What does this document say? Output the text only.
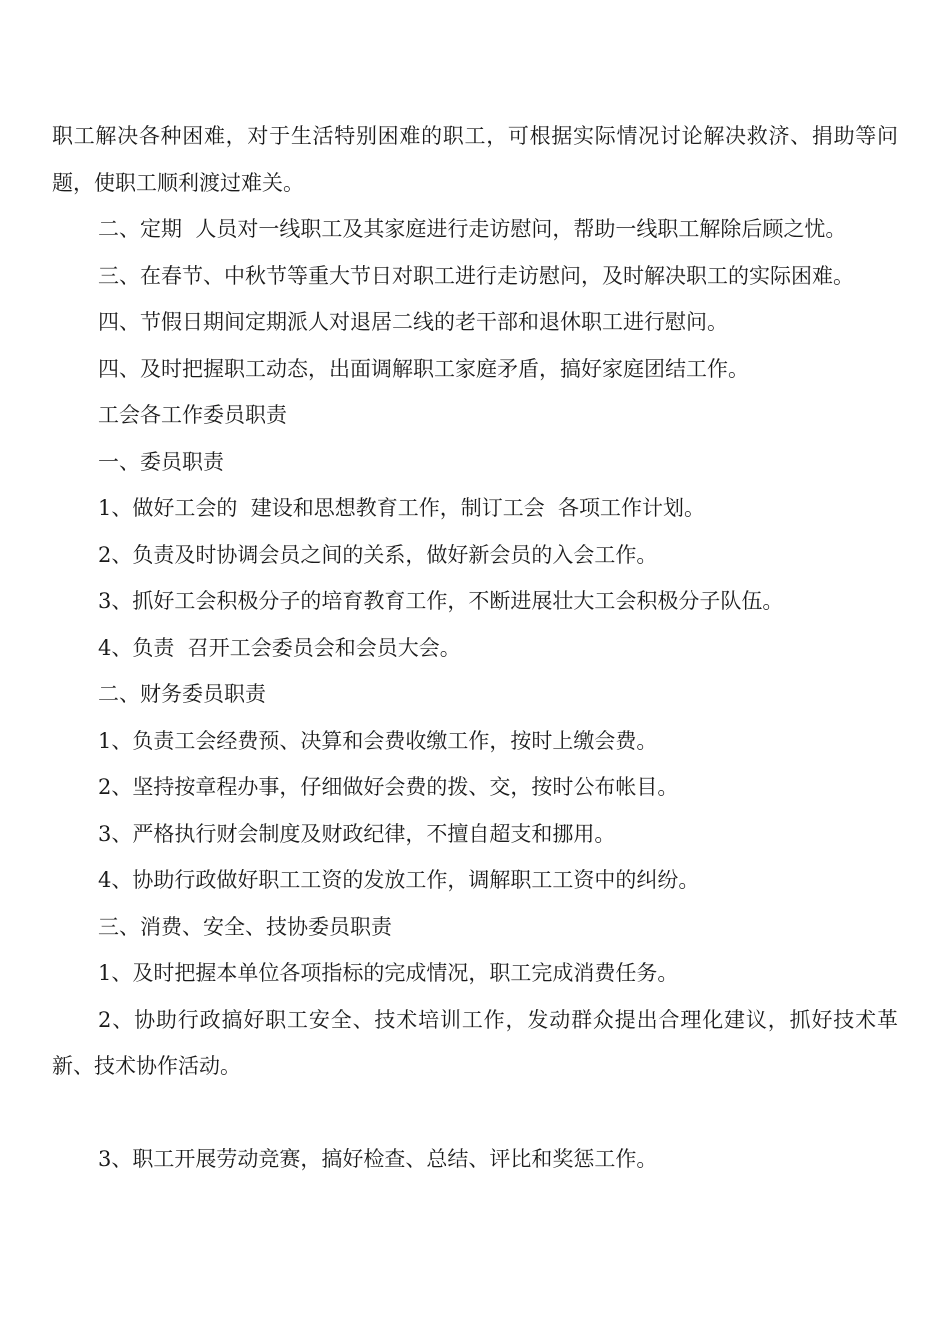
职工解决各种困难，对于生活特别困难的职工，可根据实际情况讨论解决救济、捐助等问题，使职工顺利渡过难关。

二、定期  人员对一线职工及其家庭进行走访慰问，帮助一线职工解除后顾之忧。

三、在春节、中秋节等重大节日对职工进行走访慰问，及时解决职工的实际困难。

四、节假日期间定期派人对退居二线的老干部和退休职工进行慰问。

四、及时把握职工动态，出面调解职工家庭矛盾，搞好家庭团结工作。

工会各工作委员职责

一、委员职责

1、做好工会的  建设和思想教育工作，制订工会  各项工作计划。

2、负责及时协调会员之间的关系，做好新会员的入会工作。

3、抓好工会积极分子的培育教育工作，不断进展壮大工会积极分子队伍。

4、负责  召开工会委员会和会员大会。

二、财务委员职责

1、负责工会经费预、决算和会费收缴工作，按时上缴会费。

2、坚持按章程办事，仔细做好会费的拨、交，按时公布帐目。

3、严格执行财会制度及财政纪律，不擅自超支和挪用。

4、协助行政做好职工工资的发放工作，调解职工工资中的纠纷。

三、消费、安全、技协委员职责

1、及时把握本单位各项指标的完成情况，职工完成消费任务。

2、协助行政搞好职工安全、技术培训工作，发动群众提出合理化建议，抓好技术革新、技术协作活动。

3、职工开展劳动竞赛，搞好检查、总结、评比和奖惩工作。
